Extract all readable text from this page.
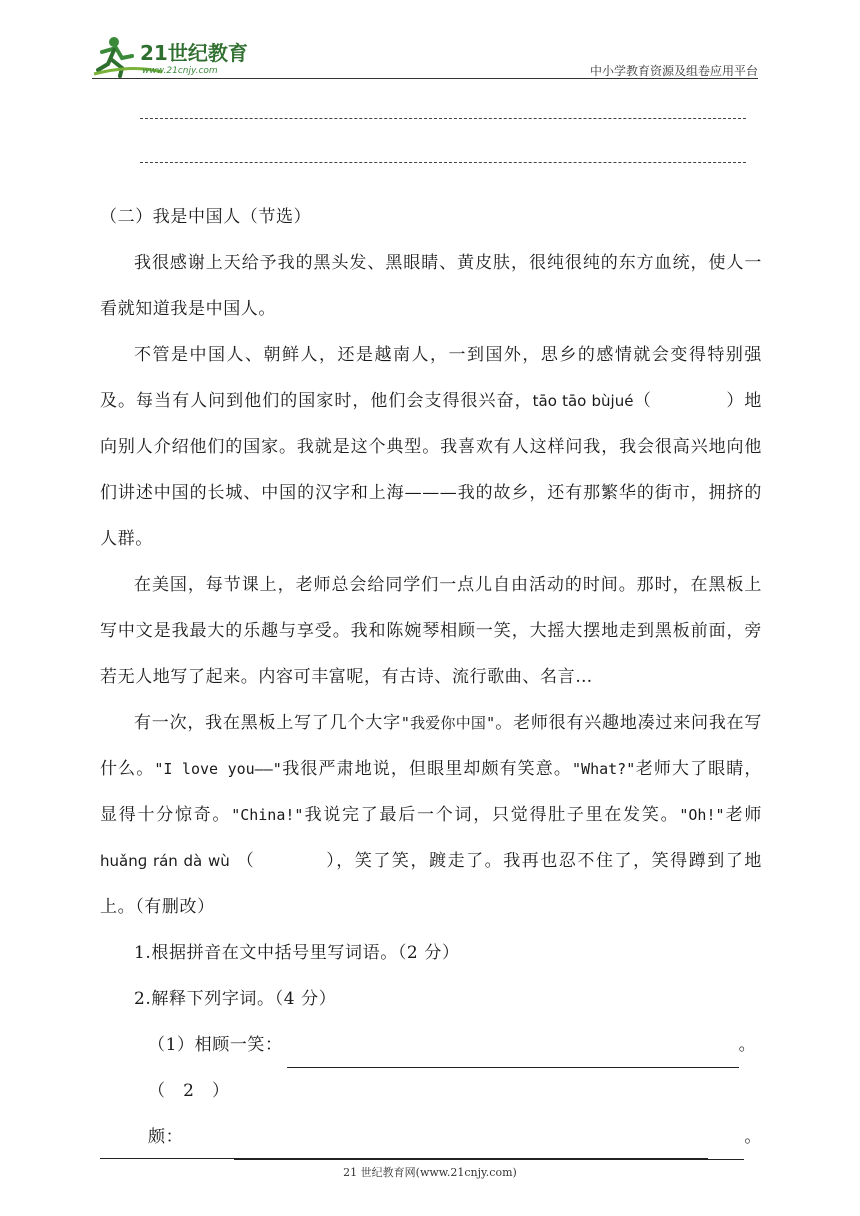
21世纪教育
www.21cnjy.com	中小学教育资源及组卷应用平台

（二）我是中国人（节选）

我很感谢上天给予我的黑头发、黑眼睛、黄皮肤，很纯很纯的东方血统，使人一看就知道我是中国人。

不管是中国人、朝鲜人，还是越南人，一到国外，思乡的感情就会变得特别强及。每当有人问到他们的国家时，他们会支得很兴奋，tāo tāo bùjué（	）地向别人介绍他们的国家。我就是这个典型。我喜欢有人这样问我，我会很高兴地向他们讲述中国的长城、中国的汉字和上海———我的故乡，还有那繁华的街市，拥挤的人群。

在美国，每节课上，老师总会给同学们一点儿自由活动的时间。那时，在黑板上写中文是我最大的乐趣与享受。我和陈婉琴相顾一笑，大摇大摆地走到黑板前面，旁若无人地写了起来。内容可丰富呢，有古诗、流行歌曲、名言…

有一次，我在黑板上写了几个大字"我爱你中国"。老师很有兴趣地凑过来问我在写什么。"I love you——"我很严肃地说，但眼里却颇有笑意。"What?"老师大了眼睛，显得十分惊奇。"China!"我说完了最后一个词，只觉得肚子里在发笑。"Oh!"老师 huǎnɡ rán dà wù （	），笑了笑，踱走了。我再也忍不住了，笑得蹲到了地上。（有删改）

1.根据拼音在文中括号里写词语。（2 分）

2.解释下列字词。（4 分）

（1）相顾一笑：	。

（2）颇：	。

21 世纪教育网(www.21cnjy.com)
